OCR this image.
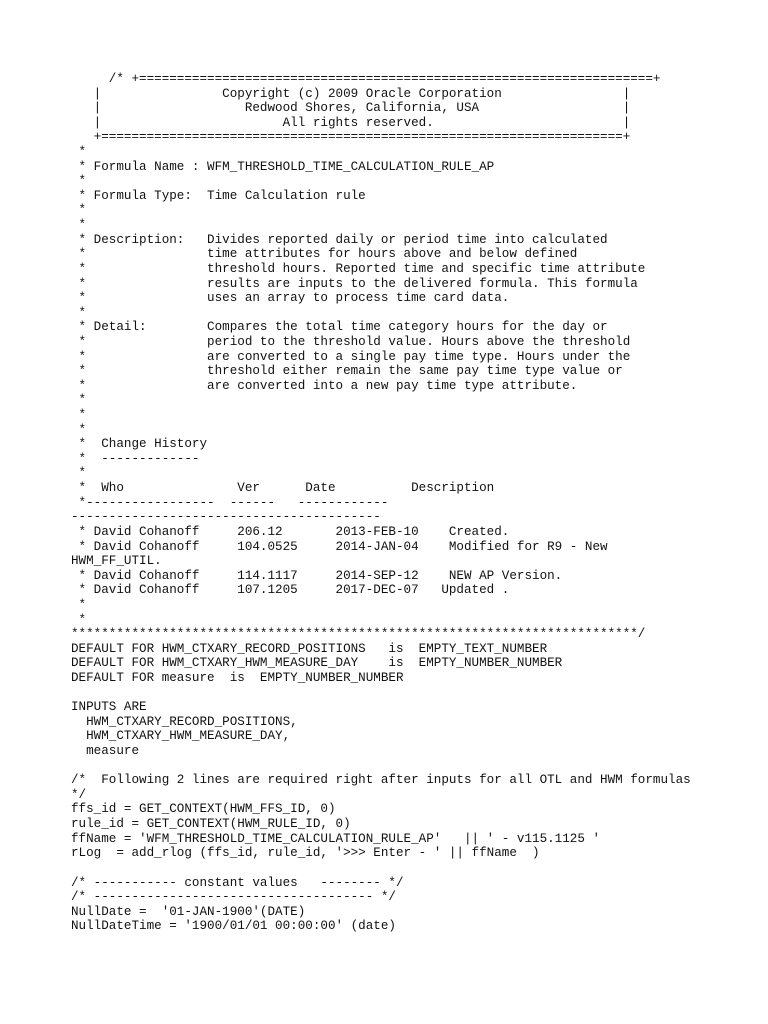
/* +====================================================================+
|                Copyright (c) 2009 Oracle Corporation                |
|                   Redwood Shores, California, USA                   |
|                        All rights reserved.                         |
+=====================================================================+
*
* Formula Name : WFM_THRESHOLD_TIME_CALCULATION_RULE_AP
*
* Formula Type:  Time Calculation rule
*
*
* Description:   Divides reported daily or period time into calculated
*                time attributes for hours above and below defined
*                threshold hours. Reported time and specific time attribute
*                results are inputs to the delivered formula. This formula
*                uses an array to process time card data.
*
* Detail:        Compares the total time category hours for the day or
*                period to the threshold value. Hours above the threshold
*                are converted to a single pay time type. Hours under the
*                threshold either remain the same pay time type value or
*                are converted into a new pay time type attribute.
*
*
*
*  Change History
*  -------------
*
*  Who               Ver      Date          Description
*-----------------  ------   ------------
-----------------------------------------
* David Cohanoff     206.12       2013-FEB-10    Created.
* David Cohanoff     104.0525     2014-JAN-04    Modified for R9 - New
HWM_FF_UTIL.
* David Cohanoff     114.1117     2014-SEP-12    NEW AP Version.
* David Cohanoff     107.1205     2017-DEC-07   Updated .
*
*
***************************************************************************/
DEFAULT FOR HWM_CTXARY_RECORD_POSITIONS   is  EMPTY_TEXT_NUMBER
DEFAULT FOR HWM_CTXARY_HWM_MEASURE_DAY    is  EMPTY_NUMBER_NUMBER
DEFAULT FOR measure  is  EMPTY_NUMBER_NUMBER
INPUTS ARE
HWM_CTXARY_RECORD_POSITIONS,
HWM_CTXARY_HWM_MEASURE_DAY,
measure
/*  Following 2 lines are required right after inputs for all OTL and HWM formulas
*/
ffs_id = GET_CONTEXT(HWM_FFS_ID, 0)
rule_id = GET_CONTEXT(HWM_RULE_ID, 0)
ffName = 'WFM_THRESHOLD_TIME_CALCULATION_RULE_AP'   || ' - v115.1125 '
rLog  = add_rlog (ffs_id, rule_id, '>>> Enter - ' || ffName  )
/* ----------- constant values   -------- */
/* ------------------------------------- */
NullDate =  '01-JAN-1900'(DATE)
NullDateTime = '1900/01/01 00:00:00' (date)
